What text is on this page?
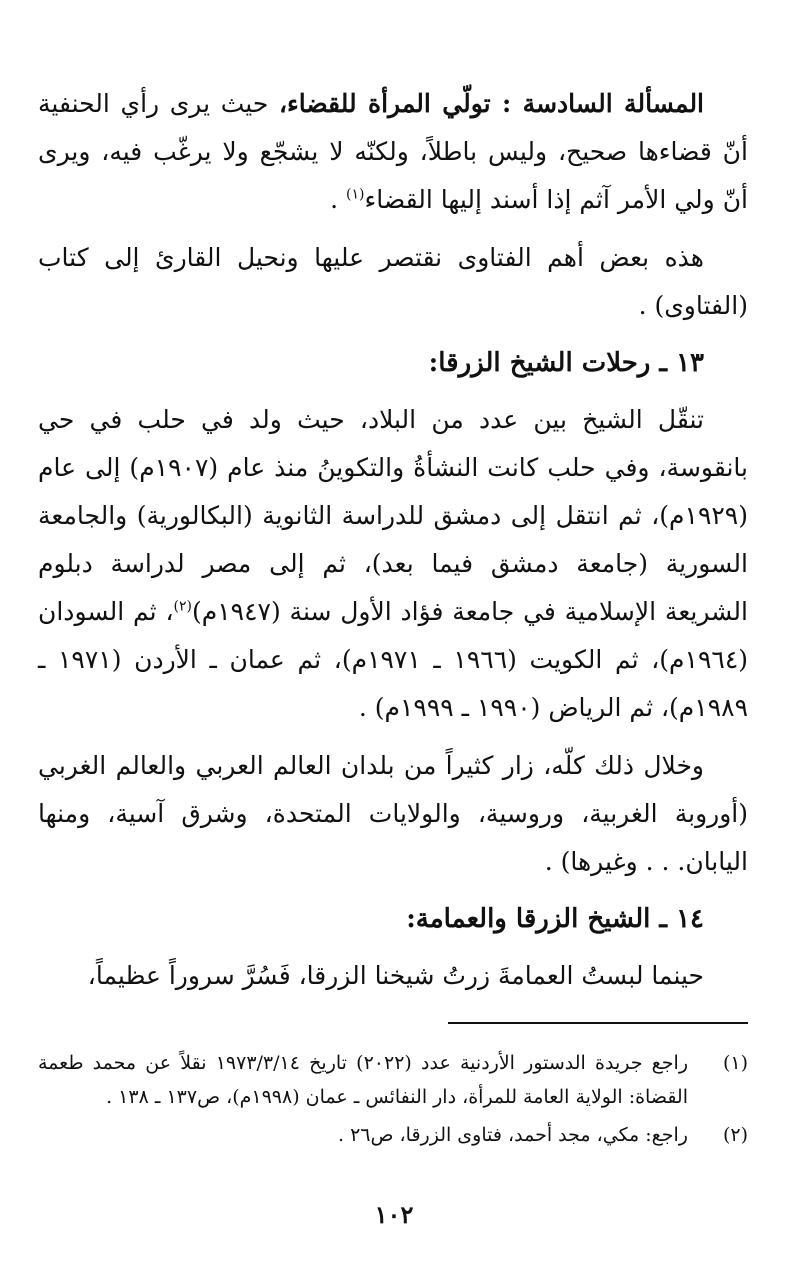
المسألة السادسة : تولّي المرأة للقضاء، حيث يرى رأي الحنفية أنّ قضاءها صحيح، وليس باطلاً، ولكنّه لا يشجّع ولا يرغّب فيه، ويرى أنّ ولي الأمر آثم إذا أسند إليها القضاء$^{(١)}$ .

هذه بعض أهم الفتاوى نقتصر عليها ونحيل القارئ إلى كتاب (الفتاوى) .

١٣ ـ رحلات الشيخ الزرقا:

تنقّل الشيخ بين عدد من البلاد، حيث ولد في حلب في حي بانقوسة، وفي حلب كانت النشأةُ والتكوينُ منذ عام (١٩٠٧م) إلى عام (١٩٢٩م)، ثم انتقل إلى دمشق للدراسة الثانوية (البكالورية) والجامعة السورية (جامعة دمشق فيما بعد)، ثم إلى مصر لدراسة دبلوم الشريعة الإسلامية في جامعة فؤاد الأول سنة (١٩٤٧م)$^{(٢)}$، ثم السودان (١٩٦٤م)، ثم الكويت (١٩٦٦ ـ ١٩٧١م)، ثم عمان ـ الأردن (١٩٧١ ـ ١٩٨٩م)، ثم الرياض (١٩٩٠ ـ ١٩٩٩م) .

وخلال ذلك كلّه، زار كثيراً من بلدان العالم العربي والعالم الغربي (أوروبة الغربية، وروسية، والولايات المتحدة، وشرق آسية، ومنها اليابان. . . وغيرها) .

١٤ ـ الشيخ الزرقا والعمامة:

حينما لبستُ العمامةَ زرتُ شيخنا الزرقا، فَسُرَّ سروراً عظيماً،

(١)
راجع جريدة الدستور الأردنية عدد (٢٠٢٢) تاريخ ١٩٧٣/٣/١٤ نقلاً عن محمد طعمة القضاة: الولاية العامة للمرأة، دار النفائس ـ عمان (١٩٩٨م)، ص١٣٧ ـ ١٣٨ .
(٢)
راجع: مكي، مجد أحمد، فتاوى الزرقا، ص٢٦ .
١٠٢
